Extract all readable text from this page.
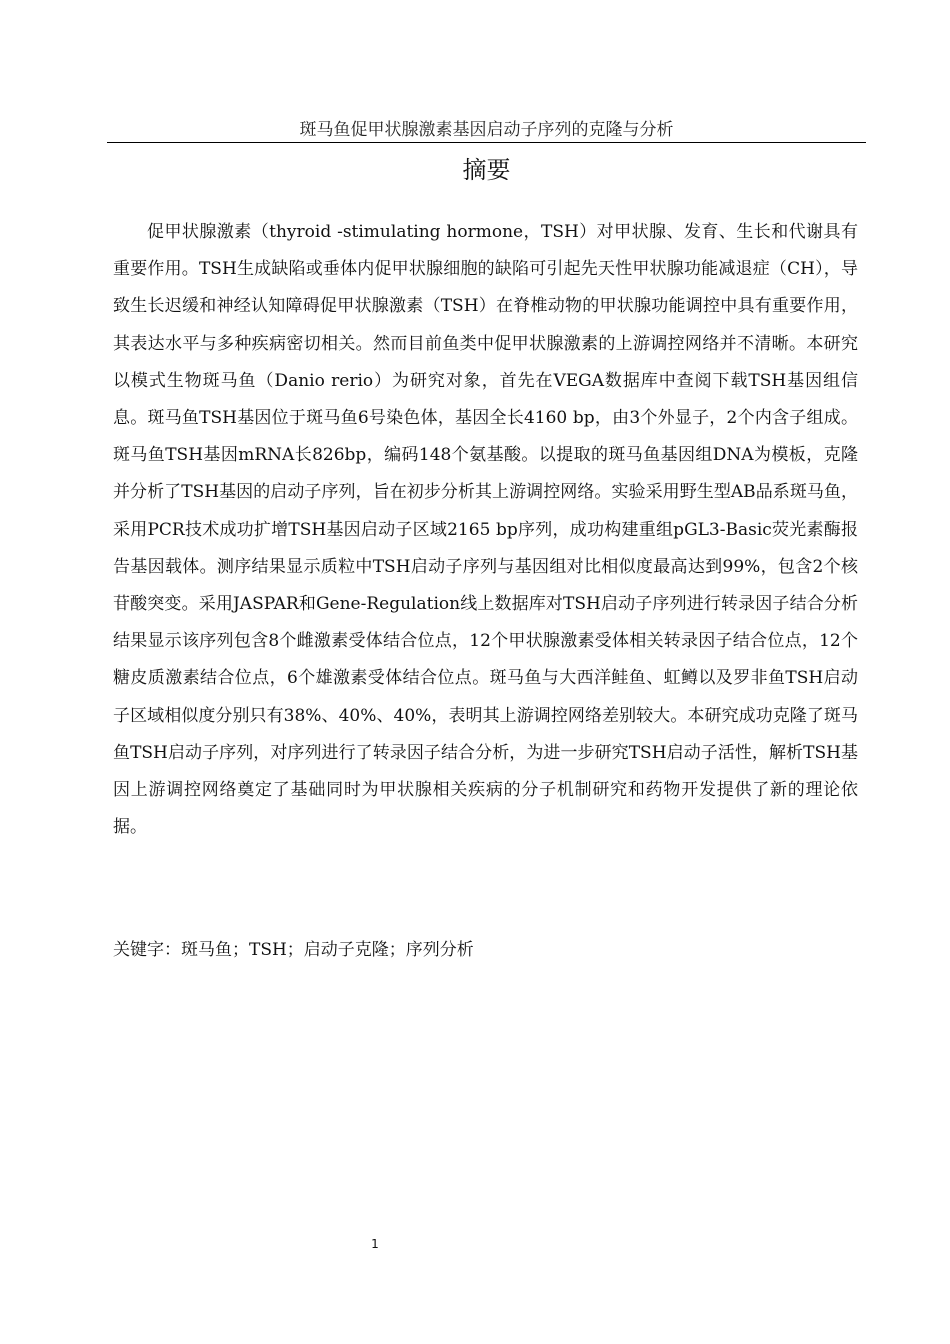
斑马鱼促甲状腺激素基因启动子序列的克隆与分析
摘要

促甲状腺激素（thyroid -stimulating hormone，TSH）对甲状腺、发育、生长和代谢具有重要作用。TSH生成缺陷或垂体内促甲状腺细胞的缺陷可引起先天性甲状腺功能减退症（CH），导致生长迟缓和神经认知障碍促甲状腺激素（TSH）在脊椎动物的甲状腺功能调控中具有重要作用，其表达水平与多种疾病密切相关。然而目前鱼类中促甲状腺激素的上游调控网络并不清晰。本研究以模式生物斑马鱼（Danio rerio）为研究对象，首先在VEGA数据库中查阅下载TSH基因组信息。斑马鱼TSH基因位于斑马鱼6号染色体，基因全长4160 bp，由3个外显子，2个内含子组成。斑马鱼TSH基因mRNA长826bp，编码148个氨基酸。以提取的斑马鱼基因组DNA为模板，克隆并分析了TSH基因的启动子序列，旨在初步分析其上游调控网络。实验采用野生型AB品系斑马鱼，采用PCR技术成功扩增TSH基因启动子区域2165 bp序列，成功构建重组pGL3-Basic荧光素酶报告基因载体。测序结果显示质粒中TSH启动子序列与基因组对比相似度最高达到99%，包含2个核苷酸突变。采用JASPAR和Gene-Regulation线上数据库对TSH启动子序列进行转录因子结合分析结果显示该序列包含8个雌激素受体结合位点，12个甲状腺激素受体相关转录因子结合位点，12个糖皮质激素结合位点，6个雄激素受体结合位点。斑马鱼与大西洋鲑鱼、虹鳟以及罗非鱼TSH启动子区域相似度分别只有38%、40%、40%，表明其上游调控网络差别较大。本研究成功克隆了斑马鱼TSH启动子序列，对序列进行了转录因子结合分析，为进一步研究TSH启动子活性，解析TSH基因上游调控网络奠定了基础同时为甲状腺相关疾病的分子机制研究和药物开发提供了新的理论依据。

关键字：斑马鱼；TSH；启动子克隆；序列分析
1
